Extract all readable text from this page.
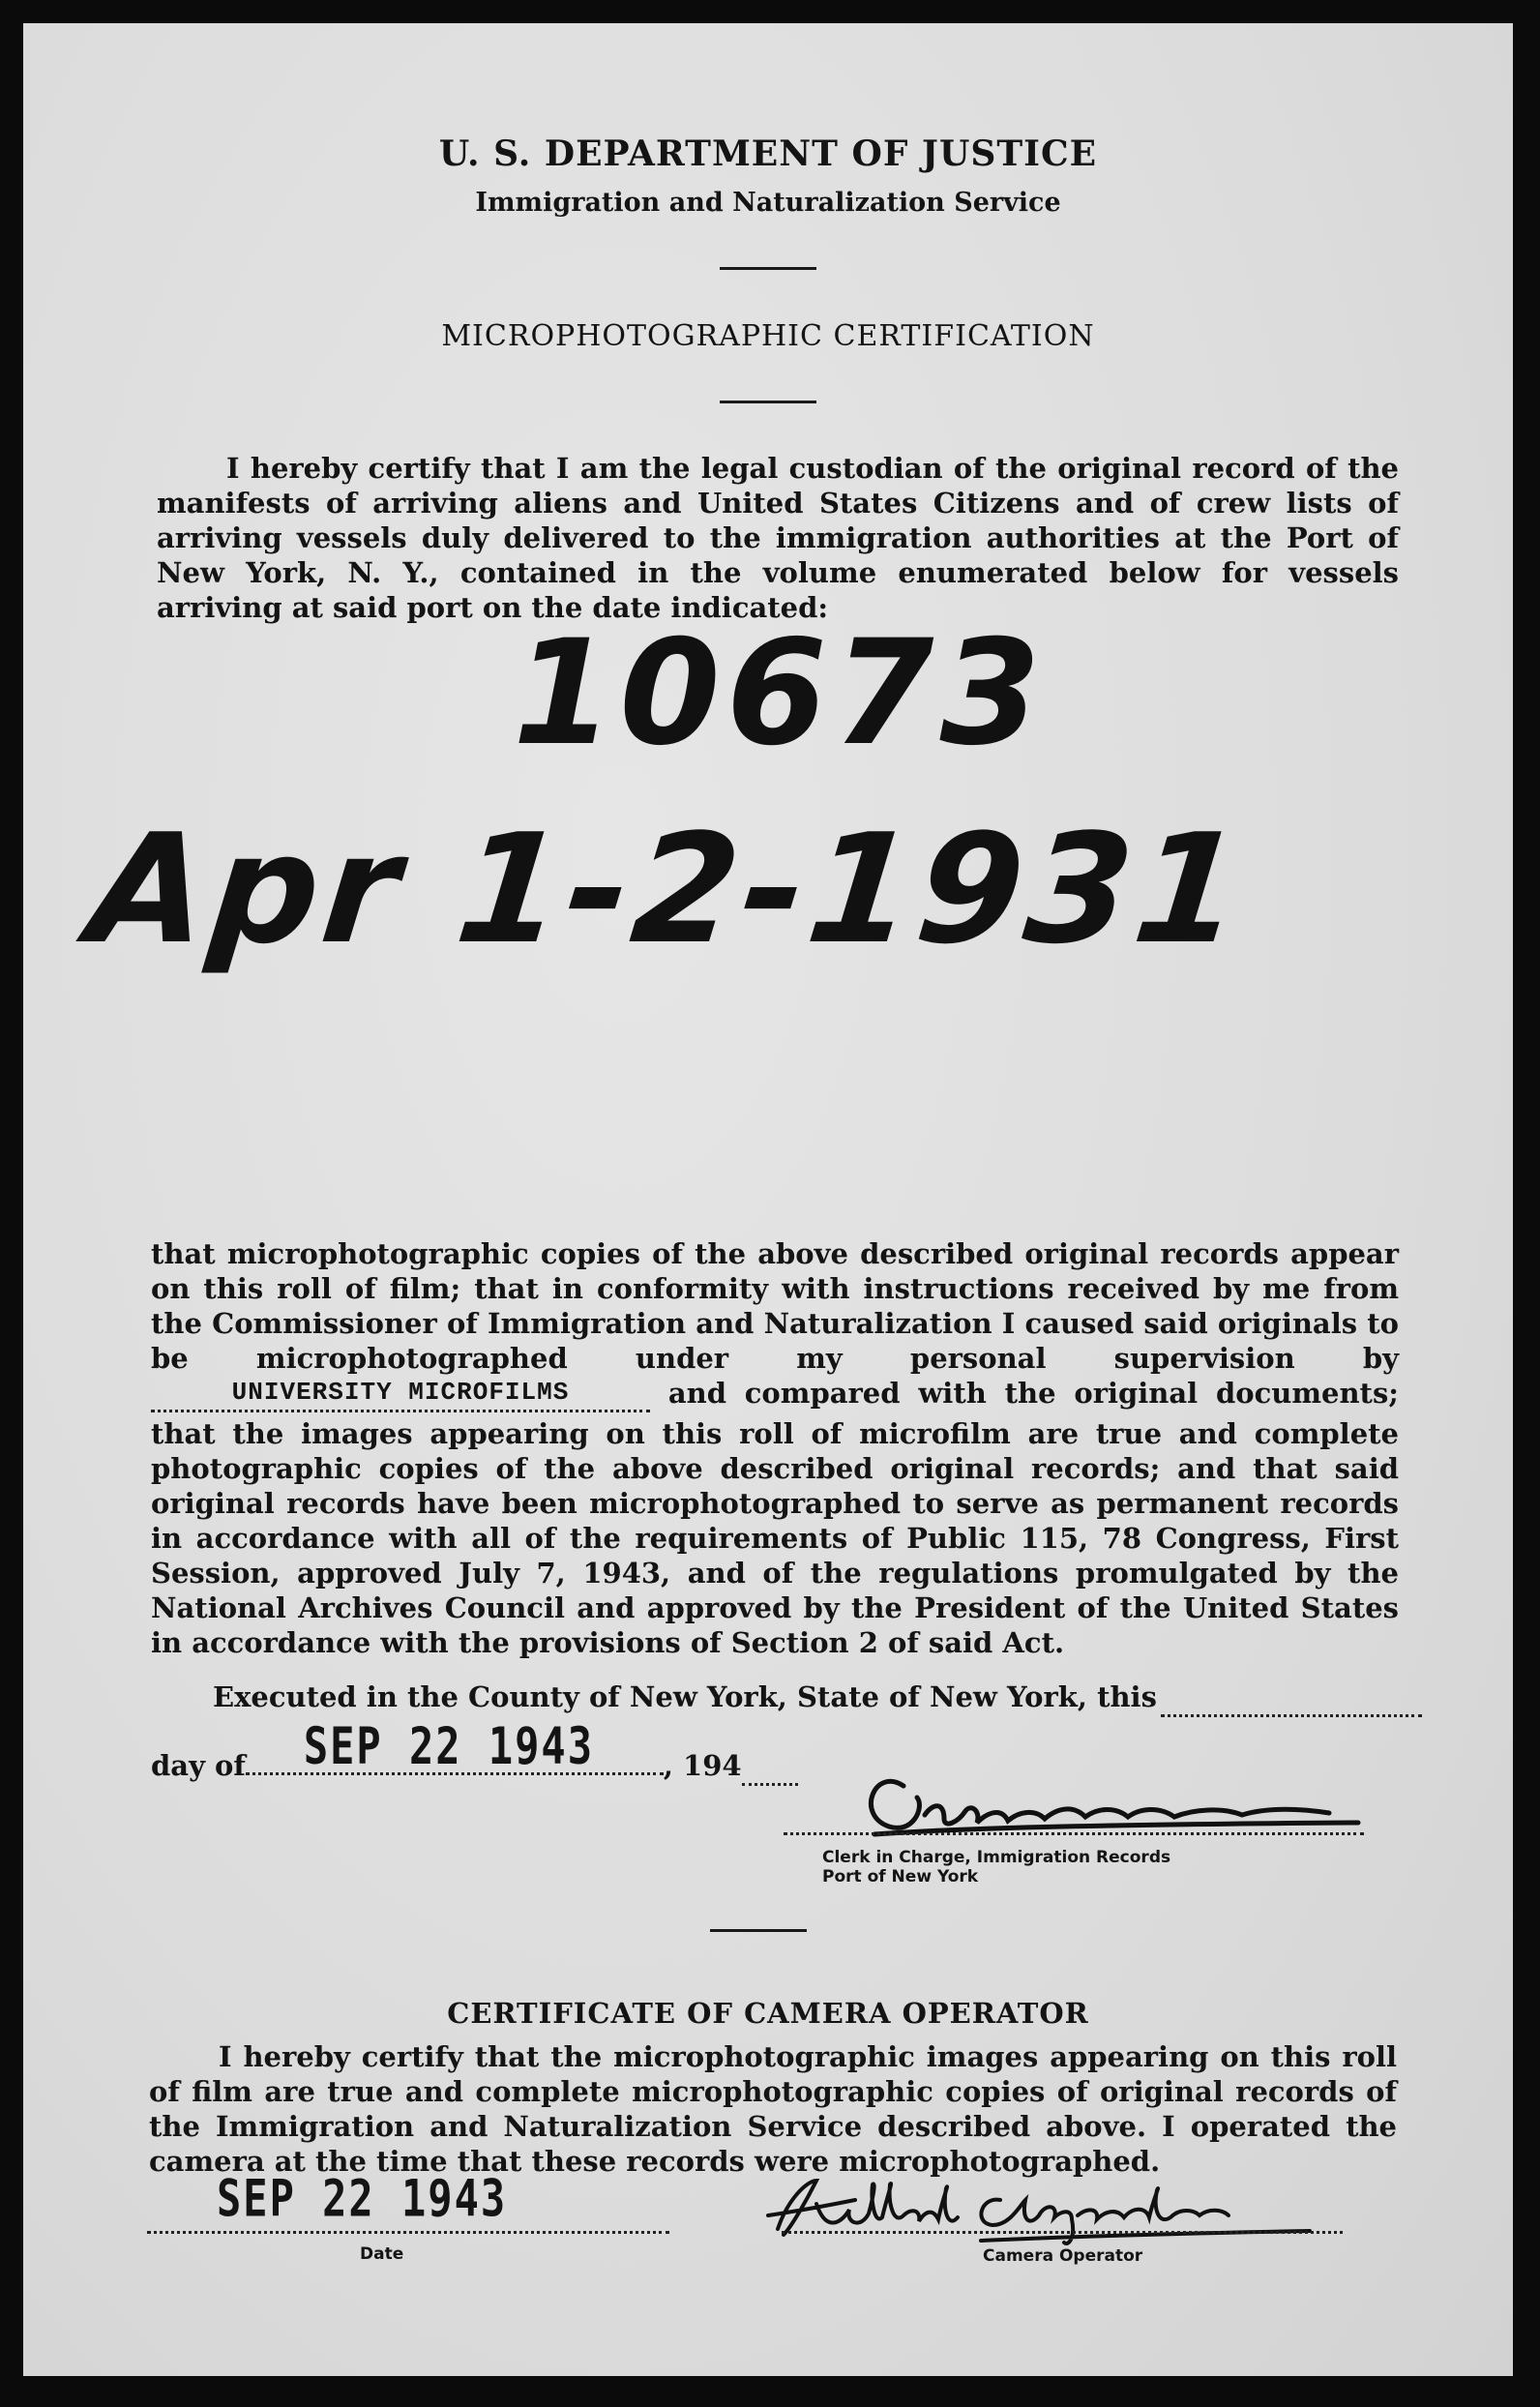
U. S. DEPARTMENT OF JUSTICE
Immigration and Naturalization Service
MICROPHOTOGRAPHIC CERTIFICATION

I hereby certify that I am the legal custodian of the original record of the manifests of arriving aliens and United States Citizens and of crew lists of arriving vessels duly delivered to the immigration authorities at the Port of New York, N. Y., contained in the volume enumerated below for vessels arriving at said port on the date indicated:

10673
Apr 1-2-1931
that microphotographic copies of the above described original records appear on this roll of film; that in conformity with instructions received by me from the Commissioner of Immigration and Naturalization I caused said originals to be microphotographed under my personal supervision by UNIVERSITY MICROFILMS	and compared with the original documents; that the images appearing on this roll of microfilm are true and complete photographic copies of the above described original records; and that said original records have been microphotographed to serve as permanent records in accordance with all of the requirements of Public 115, 78 Congress, First Session, approved July 7, 1943, and of the regulations promulgated by the National Archives Council and approved by the President of the United States in accordance with the provisions of Section 2 of said Act.
Executed in the County of New York, State of New York, this
day of SEP 22 1943 , 194
Clerk in Charge, Immigration Records
Port of New York
CERTIFICATE OF CAMERA OPERATOR

I hereby certify that the microphotographic images appearing on this roll of film are true and complete microphotographic copies of original records of the Immigration and Naturalization Service described above. I operated the camera at the time that these records were microphotographed.

SEP 22 1943
Date	Camera Operator
